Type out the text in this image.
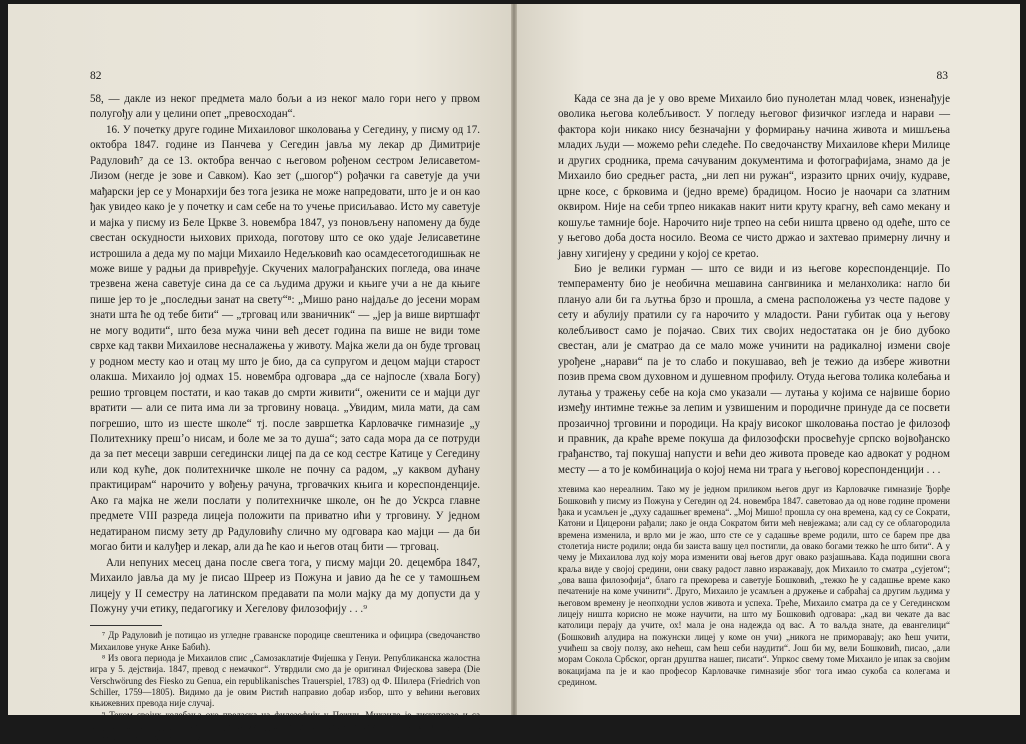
82

58, — дакле из неког предмета мало бољи а из неког мало гори него у првом полугођу али у целини опет „превосходан“.

16. У почетку друге године Михаиловог школовања у Сегедину, у писму од 17. октобра 1847. године из Панчева у Сегедин јавља му лекар др Димитрије Радуловић⁷ да се 13. октобра венчао с његовом рођеном сестром Јелисаветом-Лизом (негде је зове и Савком). Као зет („шогор“) рођачки га саветује да учи мађарски јер се у Монархији без тога језика не може напредовати, што је и он као ђак увидео како је у почетку и сам себе на то учење присиљавао. Исто му саветује и мајка у писму из Беле Цркве 3. новембра 1847, уз поновљену напомену да буде свестан оскудности њихових прихода, поготову што се око удаје Јелисаветине истрошила а деда му по мајци Михаило Недељковић као осамдесетогодишњак не може више у радњи да привређује. Скучених малограђанских погледа, ова иначе трезвена жена саветује сина да се са људима дружи и књиге учи а не да књиге пише јер то је „последњи занат на свету“⁸: „Мишо рано најдаље до јесени морам знати шта ће од тебе бити“ — „трговац или званичник“ — „јер ја више виртшафт не могу водити“, што беза мужа чини већ десет година па више не види томе сврхе кад такви Михаилове несналажења у животу. Мајка жели да он буде трговац у родном месту као и отац му што је био, да са супругом и децом мајци старост олакша. Михаило јој одмах 15. новембра одговара „да се најпосле (хвала Богу) решио трговцем постати, и као такав до смрти живити“, оженити се и мајци дуг вратити — али се пита има ли за трговину новаца. „Увидим, мила мати, да сам погрешио, што из шесте школе“ тј. после завршетка Карловачке гимназије „у Политехнику прешʼо нисам, и боле ме за то душа“; зато сада мора да се потруди да за пет месеци заврши сегедински лицеј па да се код сестре Катице у Сегедину или код куће, док политехничке школе не почну са радом, „у каквом дућану практицирам“ нарочито у вођењу рачуна, трговачких књига и кореспонденције. Ако га мајка не жели послати у политехничке школе, он ће до Ускрса главне предмете VIII разреда лицеја положити па приватно ићи у трговину. У једном недатираном писму зету др Радуловићу слично му одговара као мајци — да би могао бити и калуђер и лекар, али да ће као и његов отац бити — трговац.

Али непуних месец дана после свега тога, у писму мајци 20. децембра 1847, Михаило јавља да му је писао Шреер из Пожуна и јавио да ће се у тамошњем лицеју у II семестру на латинском предавати па моли мајку да му допусти да у Пожуну учи етику, педагогику и Хегелову филозофију . . .⁹

⁷ Др Радуловић је потицао из угледне граванске породице свештеника и официра (сведочанство Михаилове унуке Анке Бабић).

⁸ Из овога периода је Михаилов спис „Самозаклатије Фијешка у Генуи. Републиканска жалостна игра у 5. дејствија. 1847, превод с немачког“. Утврдили смо да је оригинал Фијескова завера (Die Verschwörung des Fiesko zu Genua, ein republikanisches Trauerspiel, 1783) од Ф. Шилера (Friedrich von Schiller, 1759—1805). Видимо да је овим Ристић направио добар избор, што у већини његових књижевних превода није случај.

⁹ Током својих колебања око преласка на филозофију у Пожун, Михаило је дискутовао и са својим школским друговима и пријатељима од којих су неки стали на страну његове мајке и родбине противећи се Михаиловим за-

83

Када се зна да је у ово време Михаило био пунолетан млад човек, изненађује оволика његова колебљивост. У погледу његовог физичког изгледа и нарави — фактора који никако нису безначајни у формирању начина живота и мишљења младих људи — можемо рећи следеће. По сведочанству Михаилове кћери Милице и других сродника, према сачуваним документима и фотографијама, знамо да је Михаило био средњег раста, „ни леп ни ружан“, изразито црних очију, кудраве, црне косе, с брковима и (једно време) брадицом. Носио је наочари са златним оквиром. Није на себи трпео никакав накит нити круту крагну, већ само мекану и кошуље тамније боје. Нарочито није трпео на себи ништа црвено од одеће, што се у његово доба доста носило. Веома се чисто држао и захтевао примерну личну и јавну хигијену у средини у којој се кретао.

Био је велики гурман — што се види и из његове кореспонденције. По темпераменту био је необична мешавина сангвиника и меланхолика: нагло би плануо али би га љутња брзо и прошла, а смена расположења уз честе падове у сету и абулију пратили су га нарочито у младости. Рани губитак оца у његову колебљивост само је појачао. Свих тих својих недостатака он је био дубоко свестан, али је сматрао да се мало може учинити на радикалној измени своје урођене „нарави“ па је то слабо и покушавао, већ је тежио да избере животни позив према свом духовном и душевном профилу. Отуда његова толика колебања и лутања у тражењу себе на која смо указали — лутања у којима се највише борио између интимне тежње за лепим и узвишеним и породичне принуде да се посвети прозаичној трговини и породици. На крају високог школовања постао је филозоф и правник, да краће време покуша да филозофски просвећује српско војвођанско грађанство, тај покушај напусти и већи део живота проведе као адвокат у родном месту — а то је комбинација о којој нема ни трага у његовој кореспонденцији . . .

хтевима као нереалним. Тако му је једном приликом његов друг из Карловачке гимназије Ђорђе Бошковић у писму из Пожуна у Сегедин од 24. новембра 1847. саветовао да од нове године промени ђака и усамљен је „духу садашњег времена“. „Мој Мишо! прошла су она времена, кад су се Сократи, Катони и Цицерони рађали; лако је онда Сократом бити мећ невјежама; али сад су се облагородила времена изменила, и врло ми је жао, што сте се у садашње време родили, што се барем пре два столетија нисте родили; онда би заиста вашу цел постигли, да овако богами тежко ће што бити“. А у чему је Михаилова луд коју мора изменити овај његов друг овако разјашњава. Када подишни свога краља виде у својој средини, они сваку радост лавно изражавају, док Михаило то сматра „сујетом“; „ова ваша филозофија“, благо га прекорева и саветује Бошковић, „тежко ће у садашње време како печатеније на коме учинити“. Друго, Михаило је усамљен а дружење и сабраћај са другим људима у његовом времену је неопходни услов живота и успеха. Треће, Михаило сматра да се у Сегединском лицеју ништа корисно не може научити, на што му Бошковић одговара: „кад ви чекате да вас католици перају да учите, ох! мала је она надежда од вас. А то ваљда знате, да евангелици“ (Бошковић алудира на пожунски лицеј у коме он учи) „никога не приморавају; ако ћеш учити, учићеш за своју ползу, ако нећеш, сам ћеш себи наудити“. Још би му, вели Бошковић, писао, „али морам Сокола Србског, орган друштва нашег, писати“. Упркос свему томе Михаило је ипак за својим вокацијама па је и као професор Карловачке гимназије због тога имао сукоба са колегама и средином.
